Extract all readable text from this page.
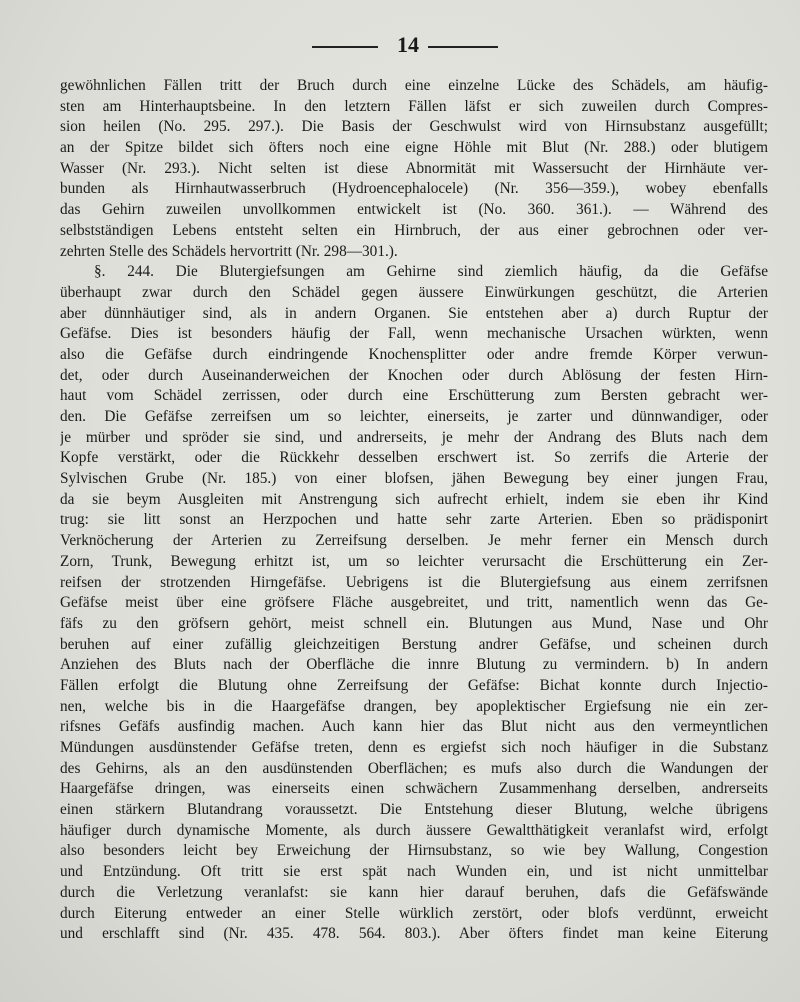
14
gewöhnlichen Fällen tritt der Bruch durch eine einzelne Lücke des Schädels, am häufig-
sten am Hinterhauptsbeine. In den letztern Fällen läfst er sich zuweilen durch Compres-
sion heilen (No. 295. 297.). Die Basis der Geschwulst wird von Hirnsubstanz ausgefüllt;
an der Spitze bildet sich öfters noch eine eigne Höhle mit Blut (Nr. 288.) oder blutigem
Wasser (Nr. 293.). Nicht selten ist diese Abnormität mit Wassersucht der Hirnhäute ver-
bunden als Hirnhautwasserbruch (Hydroencephalocele) (Nr. 356—359.), wobey ebenfalls
das Gehirn zuweilen unvollkommen entwickelt ist (No. 360. 361.). — Während des
selbstständigen Lebens entsteht selten ein Hirnbruch, der aus einer gebrochnen oder ver-
zehrten Stelle des Schädels hervortritt (Nr. 298—301.).
§. 244. Die Blutergiefsungen am Gehirne sind ziemlich häufig, da die Gefäfse
überhaupt zwar durch den Schädel gegen äussere Einwürkungen geschützt, die Arterien
aber dünnhäutiger sind, als in andern Organen. Sie entstehen aber a) durch Ruptur der
Gefäfse. Dies ist besonders häufig der Fall, wenn mechanische Ursachen würkten, wenn
also die Gefäfse durch eindringende Knochensplitter oder andre fremde Körper verwun-
det, oder durch Auseinanderweichen der Knochen oder durch Ablösung der festen Hirn-
haut vom Schädel zerrissen, oder durch eine Erschütterung zum Bersten gebracht wer-
den. Die Gefäfse zerreifsen um so leichter, einerseits, je zarter und dünnwandiger, oder
je mürber und spröder sie sind, und andrerseits, je mehr der Andrang des Bluts nach dem
Kopfe verstärkt, oder die Rückkehr desselben erschwert ist. So zerrifs die Arterie der
Sylvischen Grube (Nr. 185.) von einer blofsen, jähen Bewegung bey einer jungen Frau,
da sie beym Ausgleiten mit Anstrengung sich aufrecht erhielt, indem sie eben ihr Kind
trug: sie litt sonst an Herzpochen und hatte sehr zarte Arterien. Eben so prädisponirt
Verknöcherung der Arterien zu Zerreifsung derselben. Je mehr ferner ein Mensch durch
Zorn, Trunk, Bewegung erhitzt ist, um so leichter verursacht die Erschütterung ein Zer-
reifsen der strotzenden Hirngefäfse. Uebrigens ist die Blutergiefsung aus einem zerrifsnen
Gefäfse meist über eine gröfsere Fläche ausgebreitet, und tritt, namentlich wenn das Ge-
fäfs zu den gröfsern gehört, meist schnell ein. Blutungen aus Mund, Nase und Ohr
beruhen auf einer zufällig gleichzeitigen Berstung andrer Gefäfse, und scheinen durch
Anziehen des Bluts nach der Oberfläche die innre Blutung zu vermindern. b) In andern
Fällen erfolgt die Blutung ohne Zerreifsung der Gefäfse: Bichat konnte durch Injectio-
nen, welche bis in die Haargefäfse drangen, bey apoplektischer Ergiefsung nie ein zer-
rifsnes Gefäfs ausfindig machen. Auch kann hier das Blut nicht aus den vermeyntlichen
Mündungen ausdünstender Gefäfse treten, denn es ergiefst sich noch häufiger in die Substanz
des Gehirns, als an den ausdünstenden Oberflächen; es mufs also durch die Wandungen der
Haargefäfse dringen, was einerseits einen schwächern Zusammenhang derselben, andrerseits
einen stärkern Blutandrang voraussetzt. Die Entstehung dieser Blutung, welche übrigens
häufiger durch dynamische Momente, als durch äussere Gewaltthätigkeit veranlafst wird, erfolgt
also besonders leicht bey Erweichung der Hirnsubstanz, so wie bey Wallung, Congestion
und Entzündung. Oft tritt sie erst spät nach Wunden ein, und ist nicht unmittelbar
durch die Verletzung veranlafst: sie kann hier darauf beruhen, dafs die Gefäfswände
durch Eiterung entweder an einer Stelle würklich zerstört, oder blofs verdünnt, erweicht
und erschlafft sind (Nr. 435. 478. 564. 803.). Aber öfters findet man keine Eiterung
